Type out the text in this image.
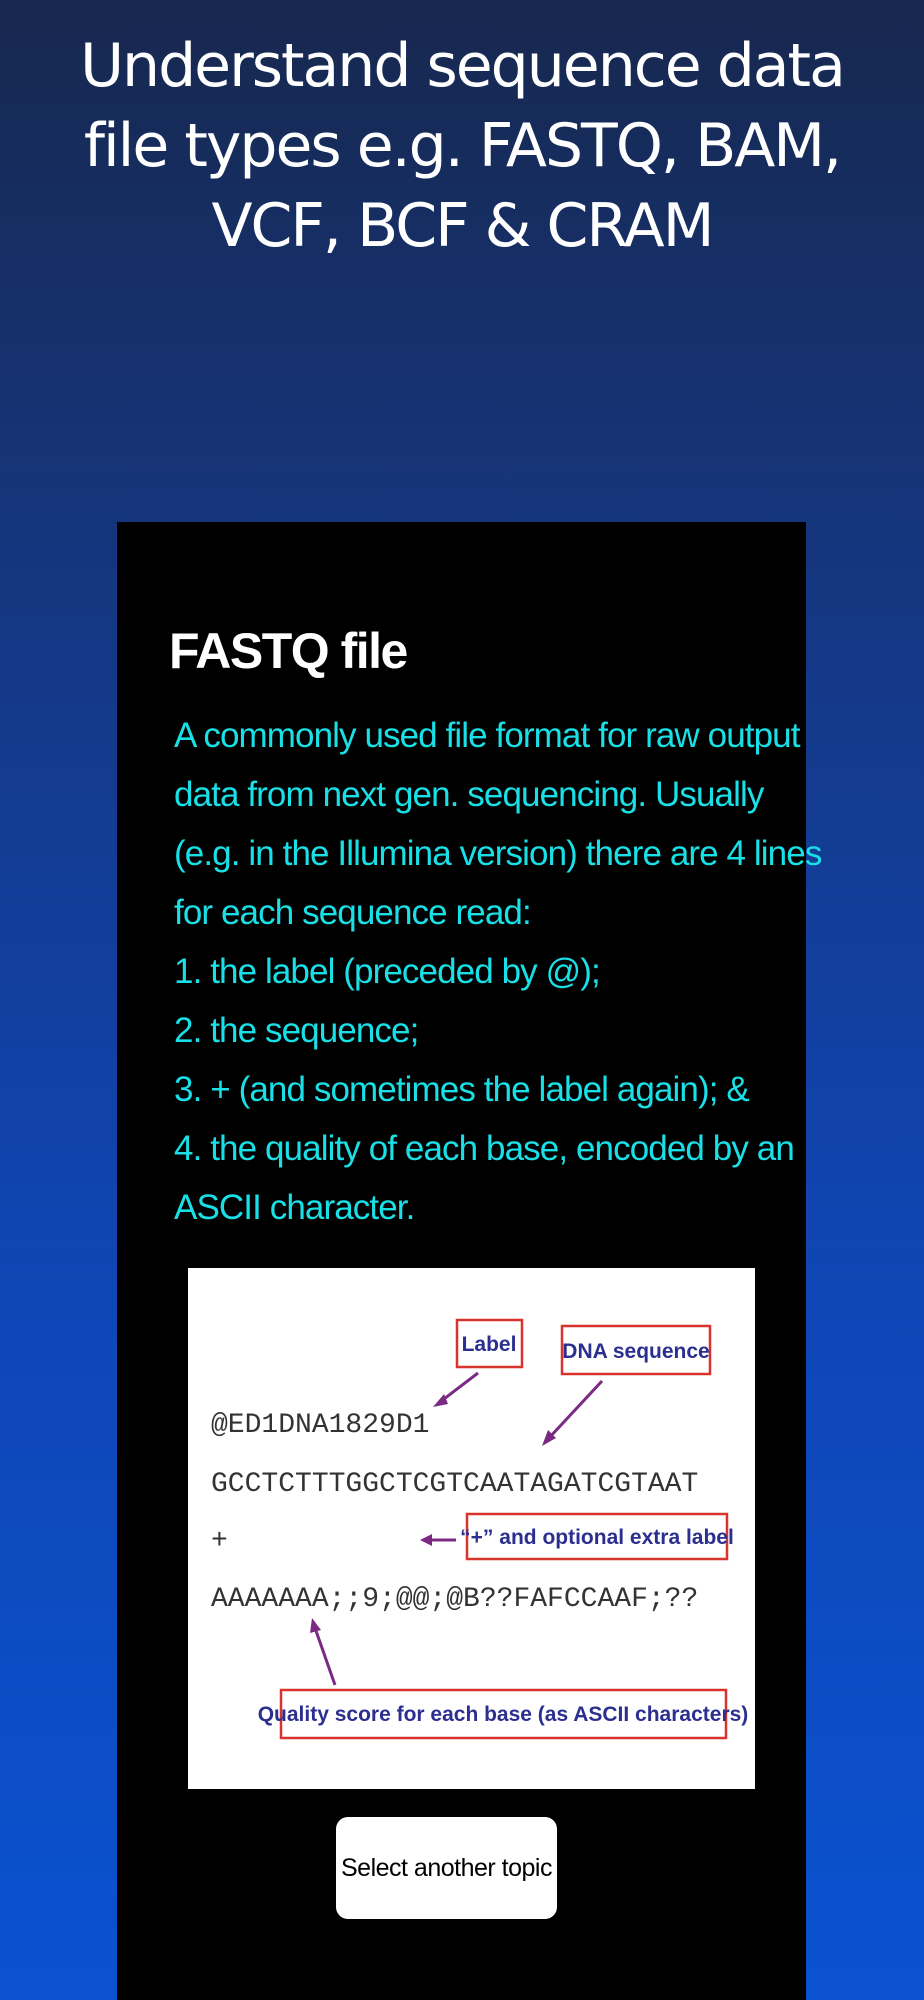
Understand sequence data file types e.g. FASTQ, BAM, VCF, BCF & CRAM
FASTQ file
A commonly used file format for raw output
data from next gen. sequencing. Usually
(e.g. in the Illumina version) there are 4 lines
for each sequence read:
1. the label (preceded by @);
2. the sequence;
3. + (and sometimes the label again); &
4. the quality of each base, encoded by an
ASCII character.
@ED1DNA1829D1
GCCTCTTTGGCTCGTCAATAGATCGTAAT
+
AAAAAAA;;9;@@;@B??FAFCCAAF;??
Label DNA sequence
“+” and optional extra label
Quality score for each base (as ASCII characters)
Select another topic
